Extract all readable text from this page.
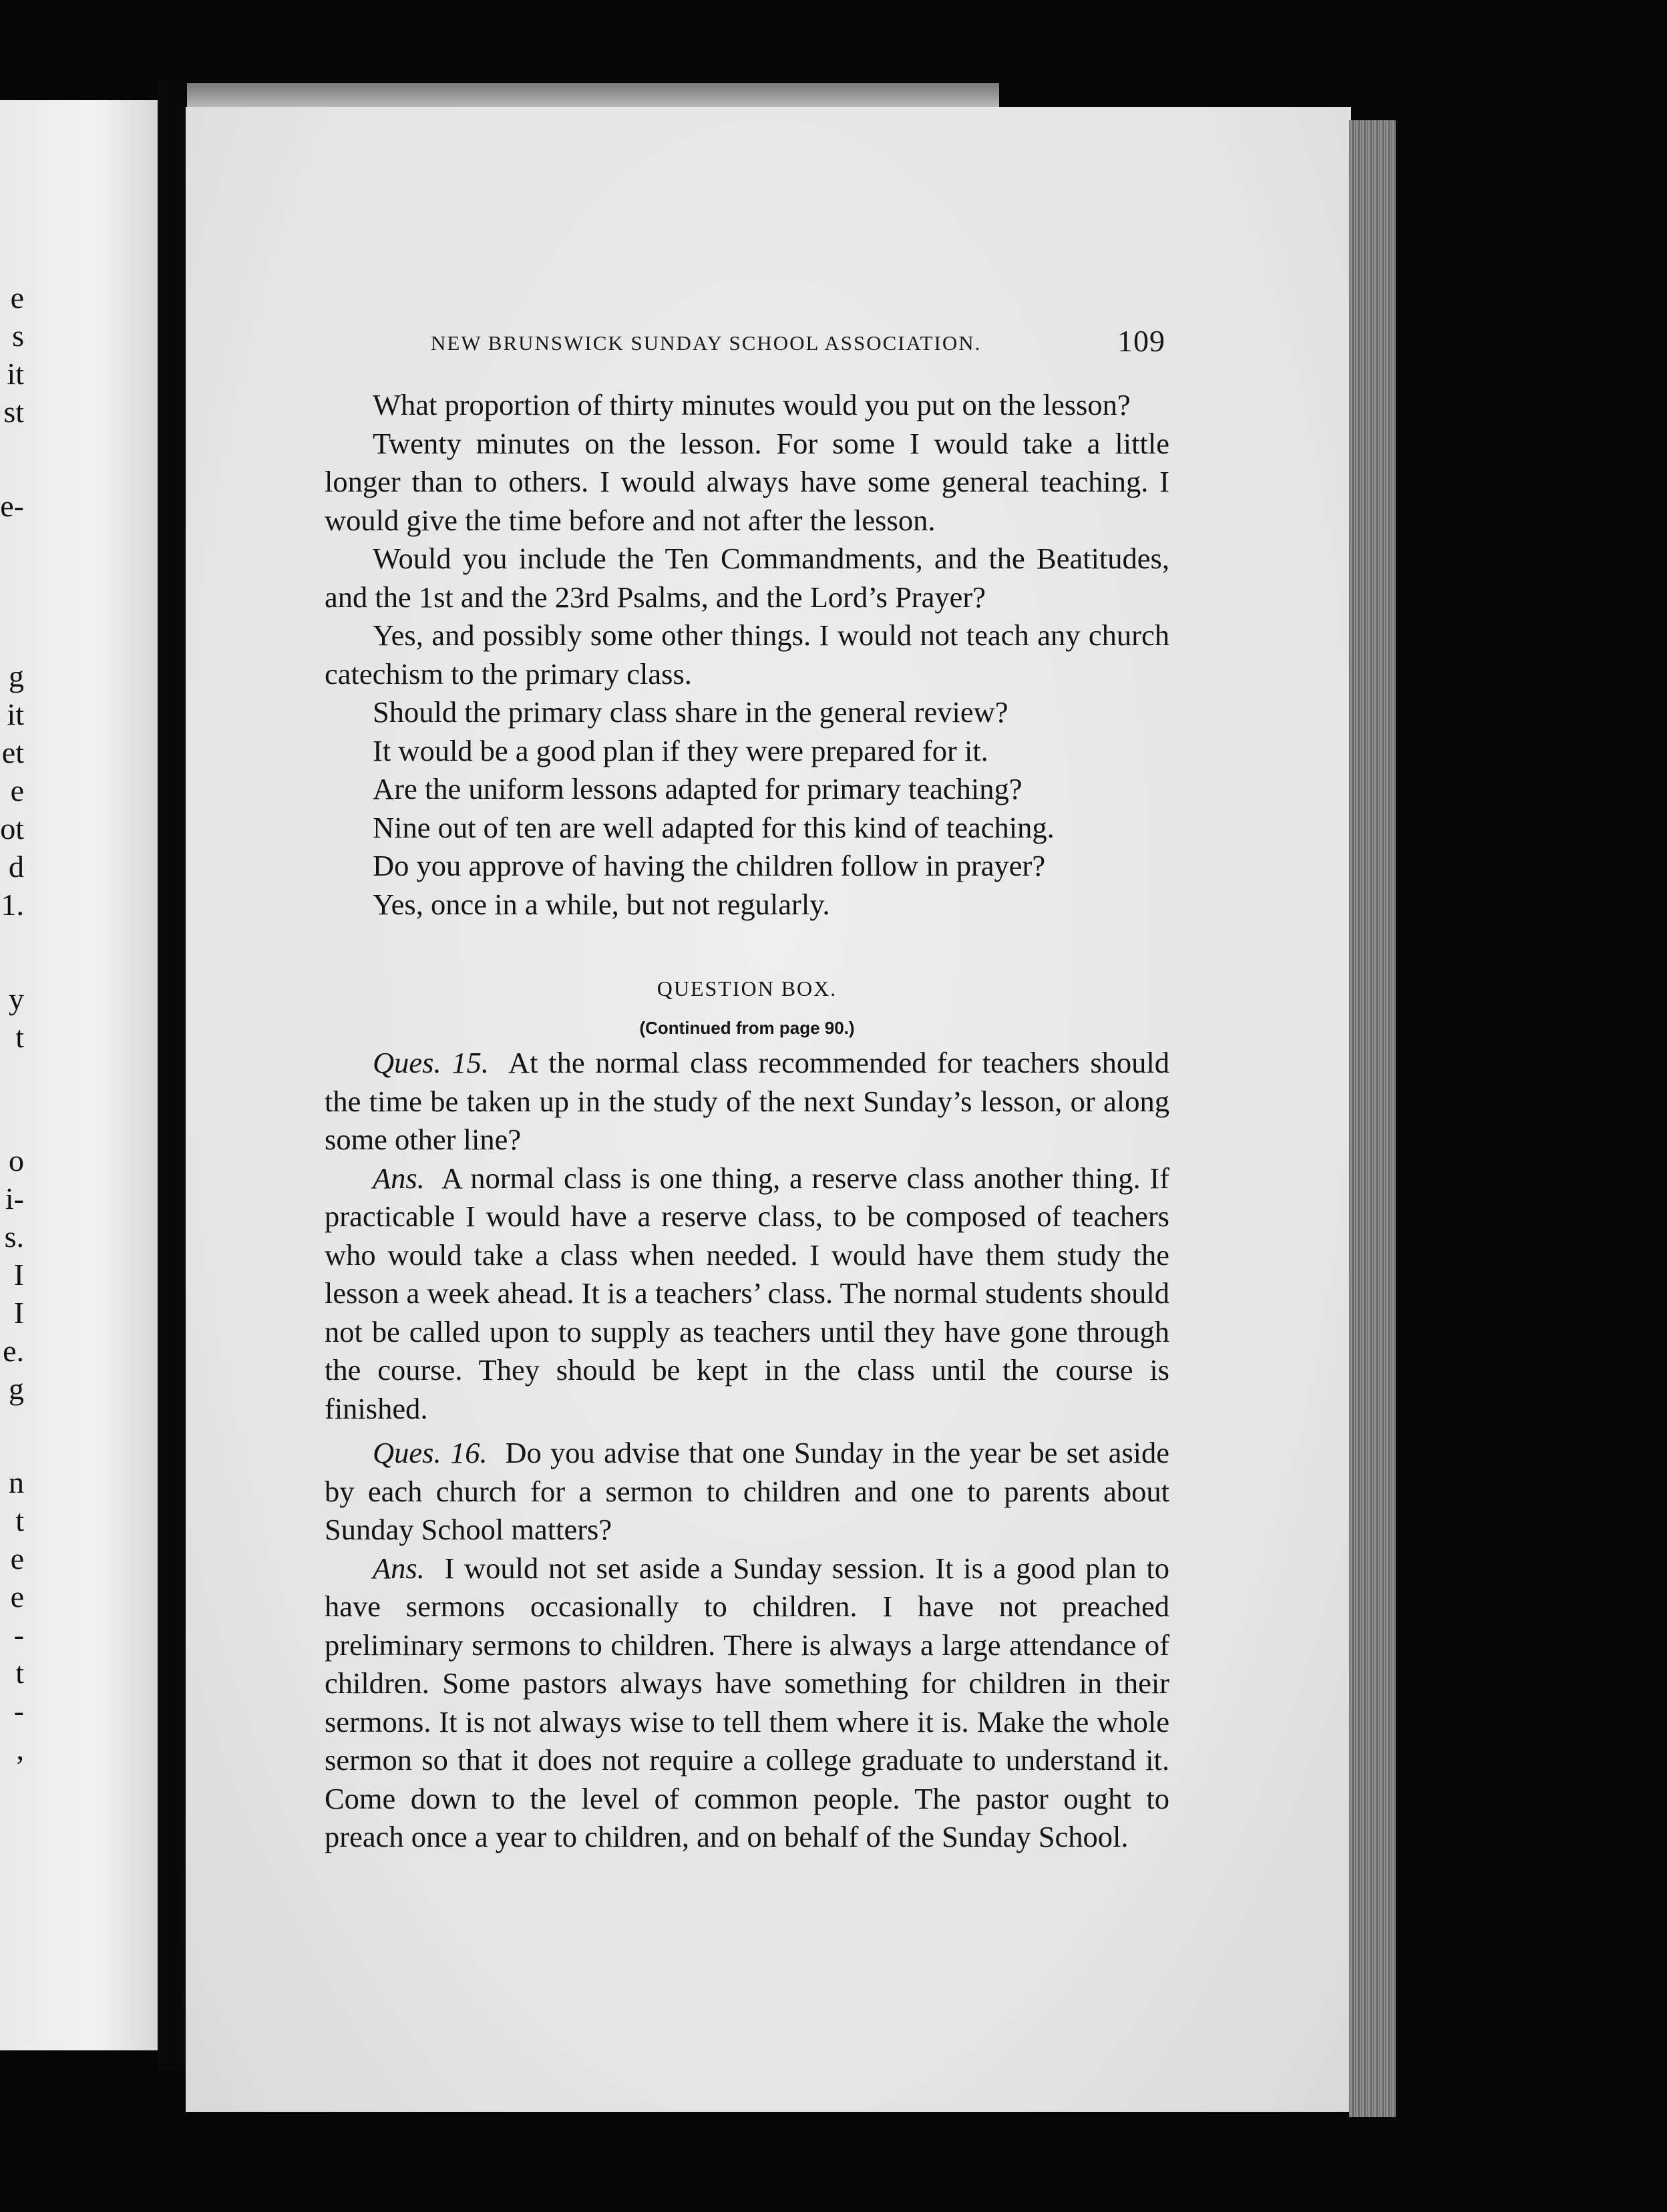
e
s
it
st
e-
g
it
et
e
ot
d
1.
y
t
o
i-
s.
I
I
e.
g
n
t
e
e
-
t
-
,
NEW BRUNSWICK SUNDAY SCHOOL ASSOCIATION.	109

What proportion of thirty minutes would you put on the lesson?

Twenty minutes on the lesson. For some I would take a little longer than to others. I would always have some general teaching. I would give the time before and not after the lesson.

Would you include the Ten Commandments, and the Beatitudes, and the 1st and the 23rd Psalms, and the Lord’s Prayer?

Yes, and possibly some other things. I would not teach any church catechism to the primary class.

Should the primary class share in the general review?

It would be a good plan if they were prepared for it.

Are the uniform lessons adapted for primary teaching?

Nine out of ten are well adapted for this kind of teaching.

Do you approve of having the children follow in prayer?

Yes, once in a while, but not regularly.

QUESTION BOX.
(Continued from page 90.)

Ques. 15. At the normal class recommended for teachers should the time be taken up in the study of the next Sunday’s lesson, or along some other line?

Ans. A normal class is one thing, a reserve class another thing. If practicable I would have a reserve class, to be composed of teachers who would take a class when needed. I would have them study the lesson a week ahead. It is a teachers’ class. The normal students should not be called upon to supply as teachers until they have gone through the course. They should be kept in the class until the course is finished.

Ques. 16. Do you advise that one Sunday in the year be set aside by each church for a sermon to children and one to parents about Sunday School matters?

Ans. I would not set aside a Sunday session. It is a good plan to have sermons occasionally to children. I have not preached preliminary sermons to children. There is always a large attendance of children. Some pastors always have something for children in their sermons. It is not always wise to tell them where it is. Make the whole sermon so that it does not require a college graduate to understand it. Come down to the level of common people. The pastor ought to preach once a year to children, and on behalf of the Sunday School.
